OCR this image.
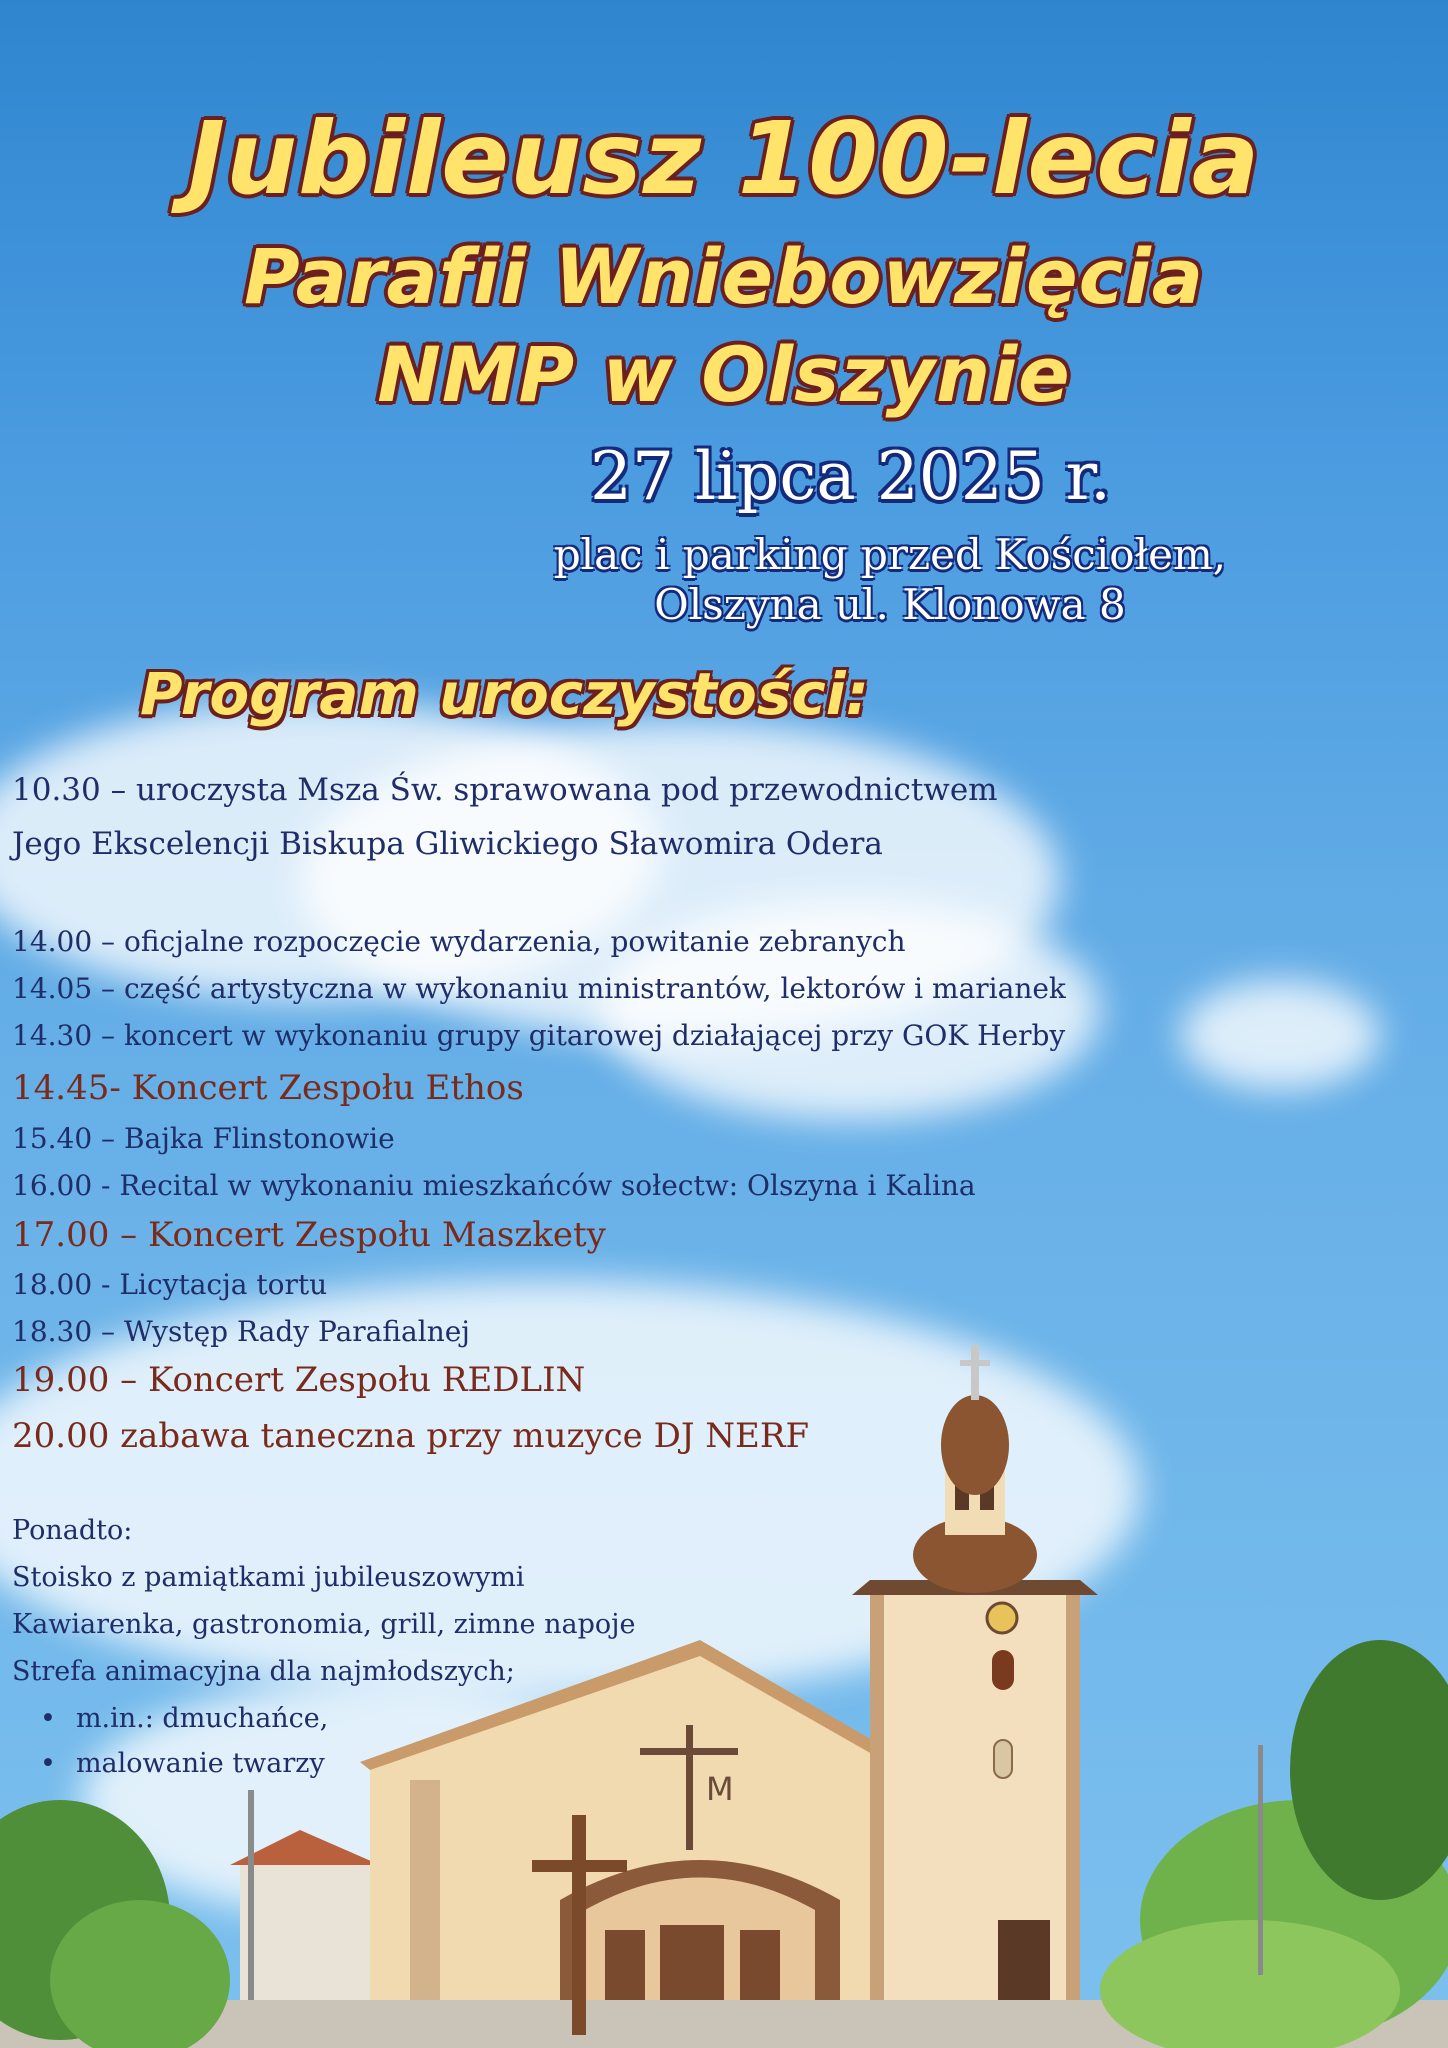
Jubileusz 100-lecia
Parafii Wniebowzięcia
NMP w Olszynie
27 lipca 2025 r.
plac i parking przed Kościołem,
Olszyna ul. Klonowa 8
Program uroczystości:
10.30 – uroczysta Msza Św. sprawowana pod przewodnictwem
Jego Ekscelencji Biskupa Gliwickiego Sławomira Odera
14.00 – oficjalne rozpoczęcie wydarzenia, powitanie zebranych
14.05 – część artystyczna w wykonaniu ministrantów, lektorów i marianek
14.30 – koncert w wykonaniu grupy gitarowej działającej przy GOK Herby
14.45- Koncert Zespołu Ethos
15.40 – Bajka Flinstonowie
16.00 - Recital w wykonaniu mieszkańców sołectw: Olszyna i Kalina
17.00 – Koncert Zespołu Maszkety
18.00 - Licytacja tortu
18.30 – Występ Rady Parafialnej
19.00 – Koncert Zespołu REDLIN
20.00 zabawa taneczna przy muzyce DJ NERF
M
Ponadto:
Stoisko z pamiątkami jubileuszowymi
Kawiarenka, gastronomia, grill, zimne napoje
Strefa animacyjna dla najmłodszych;
• m.in.: dmuchańce,
• malowanie twarzy
